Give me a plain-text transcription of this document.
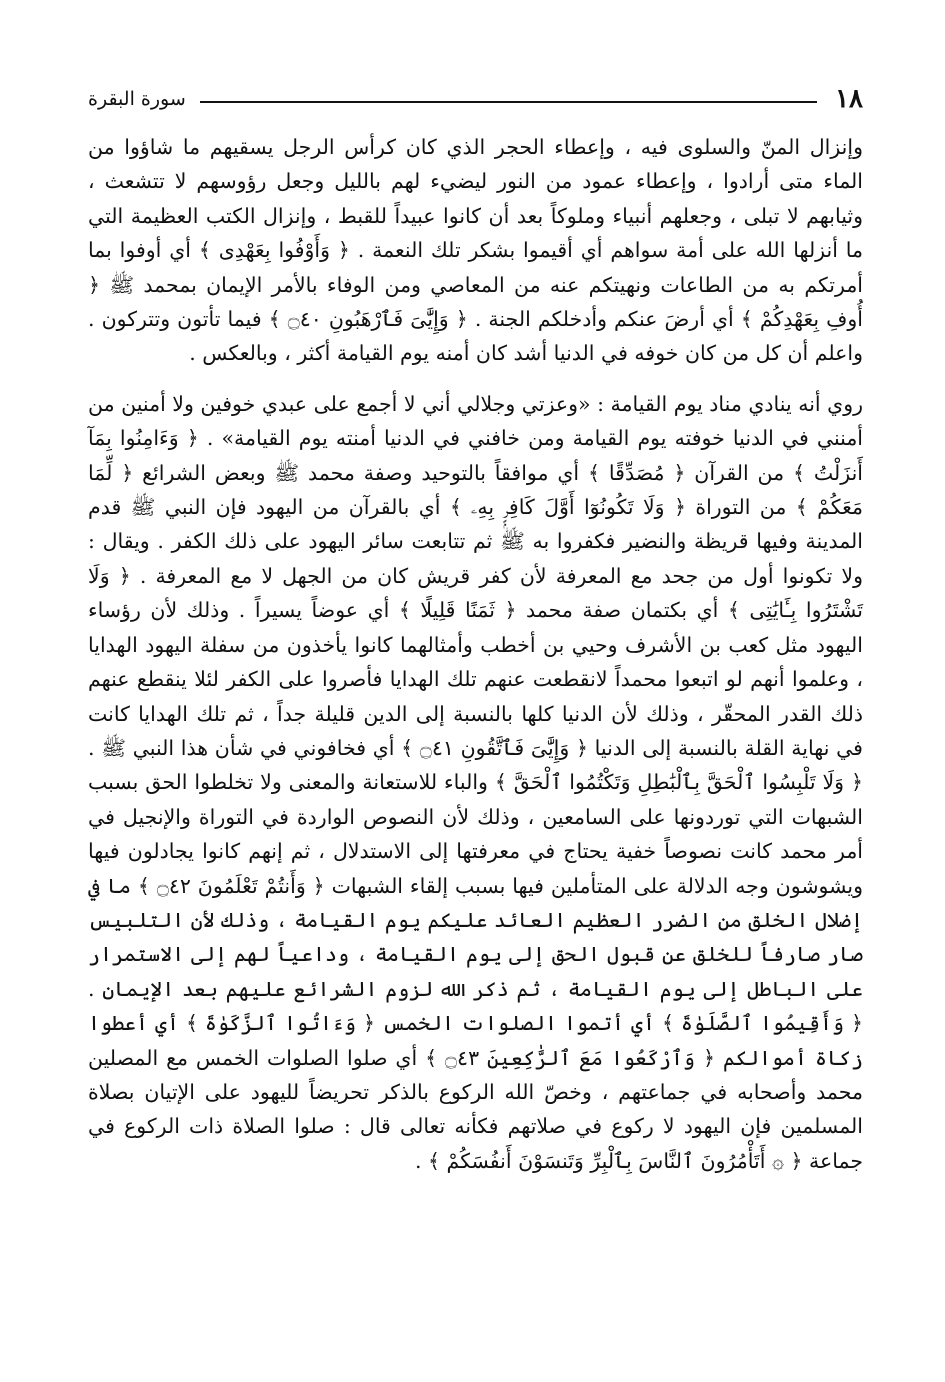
١٨
سورة البقرة

وإنزال المنّ والسلوى فيه ، وإعطاء الحجر الذي كان كرأس الرجل يسقيهم ما شاؤوا من الماء متى أرادوا ، وإعطاء عمود من النور ليضيء لهم بالليل وجعل رؤوسهم لا تتشعث ، وثيابهم لا تبلى ، وجعلهم أنبياء وملوكاً بعد أن كانوا عبيداً للقبط ، وإنزال الكتب العظيمة التي ما أنزلها الله على أمة سواهم أي أقيموا بشكر تلك النعمة . ﴿ وَأَوْفُوا بِعَهْدِى ﴾ أي أوفوا بما أمرتكم به من الطاعات ونهيتكم عنه من المعاصي ومن الوفاء بالأمر الإيمان بمحمد ﷺ ﴿ أُوفِ بِعَهْدِكُمْ ﴾ أي أرضَ عنكم وأدخلكم الجنة . ﴿ وَإِيَّٰىَ فَٱرْهَبُونِ ۝٤٠ ﴾ فيما تأتون وتتركون . واعلم أن كل من كان خوفه في الدنيا أشد كان أمنه يوم القيامة أكثر ، وبالعكس .

روي أنه ينادي مناد يوم القيامة : «وعزتي وجلالي أني لا أجمع على عبدي خوفين ولا أمنين من أمنني في الدنيا خوفته يوم القيامة ومن خافني في الدنيا أمنته يوم القيامة» . ﴿ وَءَامِنُوا بِمَآ أَنزَلْتُ ﴾ من القرآن ﴿ مُصَدِّقًا ﴾ أي موافقاً بالتوحيد وصفة محمد ﷺ وبعض الشرائع ﴿ لِّمَا مَعَكُمْ ﴾ من التوراة ﴿ وَلَا تَكُونُوٓا أَوَّلَ كَافِرٍۭ بِهِۦ ﴾ أي بالقرآن من اليهود فإن النبي ﷺ قدم المدينة وفيها قريظة والنضير فكفروا به ﷺ ثم تتابعت سائر اليهود على ذلك الكفر . ويقال : ولا تكونوا أول من جحد مع المعرفة لأن كفر قريش كان من الجهل لا مع المعرفة . ﴿ وَلَا تَشْتَرُوا بِـَٔايَٰتِى ﴾ أي بكتمان صفة محمد ﴿ ثَمَنًا قَلِيلًا ﴾ أي عوضاً يسيراً . وذلك لأن رؤساء اليهود مثل كعب بن الأشرف وحيي بن أخطب وأمثالهما كانوا يأخذون من سفلة اليهود الهدايا ، وعلموا أنهم لو اتبعوا محمداً لانقطعت عنهم تلك الهدايا فأصروا على الكفر لئلا ينقطع عنهم ذلك القدر المحقّر ، وذلك لأن الدنيا كلها بالنسبة إلى الدين قليلة جداً ، ثم تلك الهدايا كانت في نهاية القلة بالنسبة إلى الدنيا ﴿ وَإِيَّٰىَ فَٱتَّقُونِ ۝٤١ ﴾ أي فخافوني في شأن هذا النبي ﷺ . ﴿ وَلَا تَلْبِسُوا ٱلْحَقَّ بِٱلْبَٰطِلِ وَتَكْتُمُوا ٱلْحَقَّ ﴾ والباء للاستعانة والمعنى ولا تخلطوا الحق بسبب الشبهات التي توردونها على السامعين ، وذلك لأن النصوص الواردة في التوراة والإنجيل في أمر محمد كانت نصوصاً خفية يحتاج في معرفتها إلى الاستدلال ، ثم إنهم كانوا يجادلون فيها ويشوشون وجه الدلالة على المتأملين فيها بسبب إلقاء الشبهات ﴿ وَأَنتُمْ تَعْلَمُونَ ۝٤٢ ﴾ ما في إضلال الخلق من الضرر العظيم العائد عليكم يوم القيامة ، وذلك لأن التلبيس صار صارفاً للخلق عن قبول الحق إلى يوم القيامة ، وداعياً لهم إلى الاستمرار على الباطل إلى يوم القيامة ، ثم ذكر الله لزوم الشرائع عليهم بعد الإيمان . ﴿ وَأَقِيمُوا ٱلصَّلَوٰةَ ﴾ أي أتموا الصلوات الخمس ﴿ وَءَاتُوا ٱلزَّكَوٰةَ ﴾ أي أعطوا زكاة أموالكم ﴿ وَٱرْكَعُوا مَعَ ٱلرَّٰكِعِينَ ۝٤٣ ﴾ أي صلوا الصلوات الخمس مع المصلين محمد وأصحابه في جماعتهم ، وخصّ الله الركوع بالذكر تحريضاً لليهود على الإتيان بصلاة المسلمين فإن اليهود لا ركوع في صلاتهم فكأنه تعالى قال : صلوا الصلاة ذات الركوع في جماعة ﴿ ۞ أَتَأْمُرُونَ ٱلنَّاسَ بِٱلْبِرِّ وَتَنسَوْنَ أَنفُسَكُمْ ﴾ .
